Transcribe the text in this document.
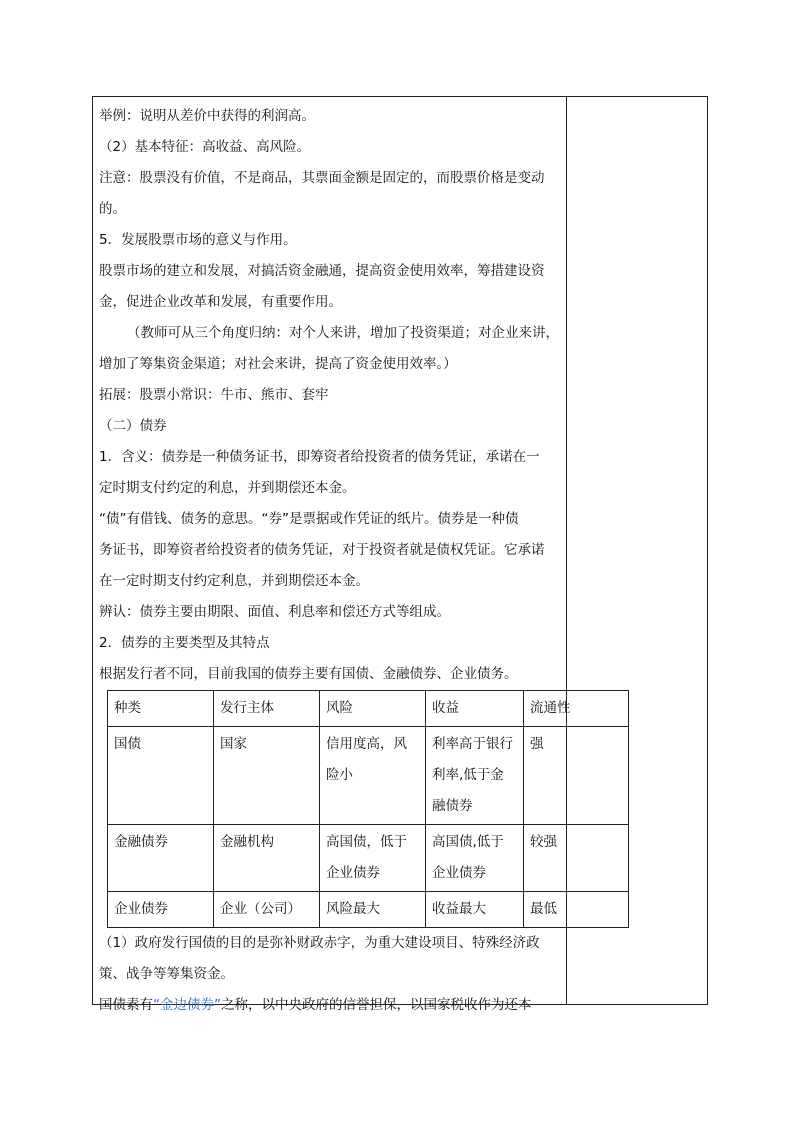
举例：说明从差价中获得的利润高。
（2）基本特征：高收益、高风险。
注意：股票没有价值，不是商品，其票面金额是固定的，而股票价格是变动
的。
5．发展股票市场的意义与作用。
股票市场的建立和发展，对搞活资金融通，提高资金使用效率，筹措建设资
金，促进企业改革和发展，有重要作用。
（教师可从三个角度归纳：对个人来讲，增加了投资渠道；对企业来讲，
增加了筹集资金渠道；对社会来讲，提高了资金使用效率。）
拓展：股票小常识：牛市、熊市、套牢
（二）债券
1．含义：债券是一种债务证书，即筹资者给投资者的债务凭证，承诺在一
定时期支付约定的利息，并到期偿还本金。
“债”有借钱、债务的意思。“券”是票据或作凭证的纸片。债券是一种债
务证书，即筹资者给投资者的债务凭证，对于投资者就是债权凭证。它承诺
在一定时期支付约定利息，并到期偿还本金。
辨认：债券主要由期限、面值、利息率和偿还方式等组成。
2．债券的主要类型及其特点
根据发行者不同，目前我国的债券主要有国债、金融债券、企业债务。
种类	发行主体	风险	收益	流通性
国债	国家	信用度高，风险小	利率高于银行利率,低于金融债券	强
金融债券	金融机构	高国债，低于企业债券	高国债,低于企业债券	较强
企业债券	企业（公司）	风险最大	收益最大	最低
（1）政府发行国债的目的是弥补财政赤字，为重大建设项目、特殊经济政
策、战争等筹集资金。
国债素有“金边债券”之称，以中央政府的信誉担保，以国家税收作为还本
